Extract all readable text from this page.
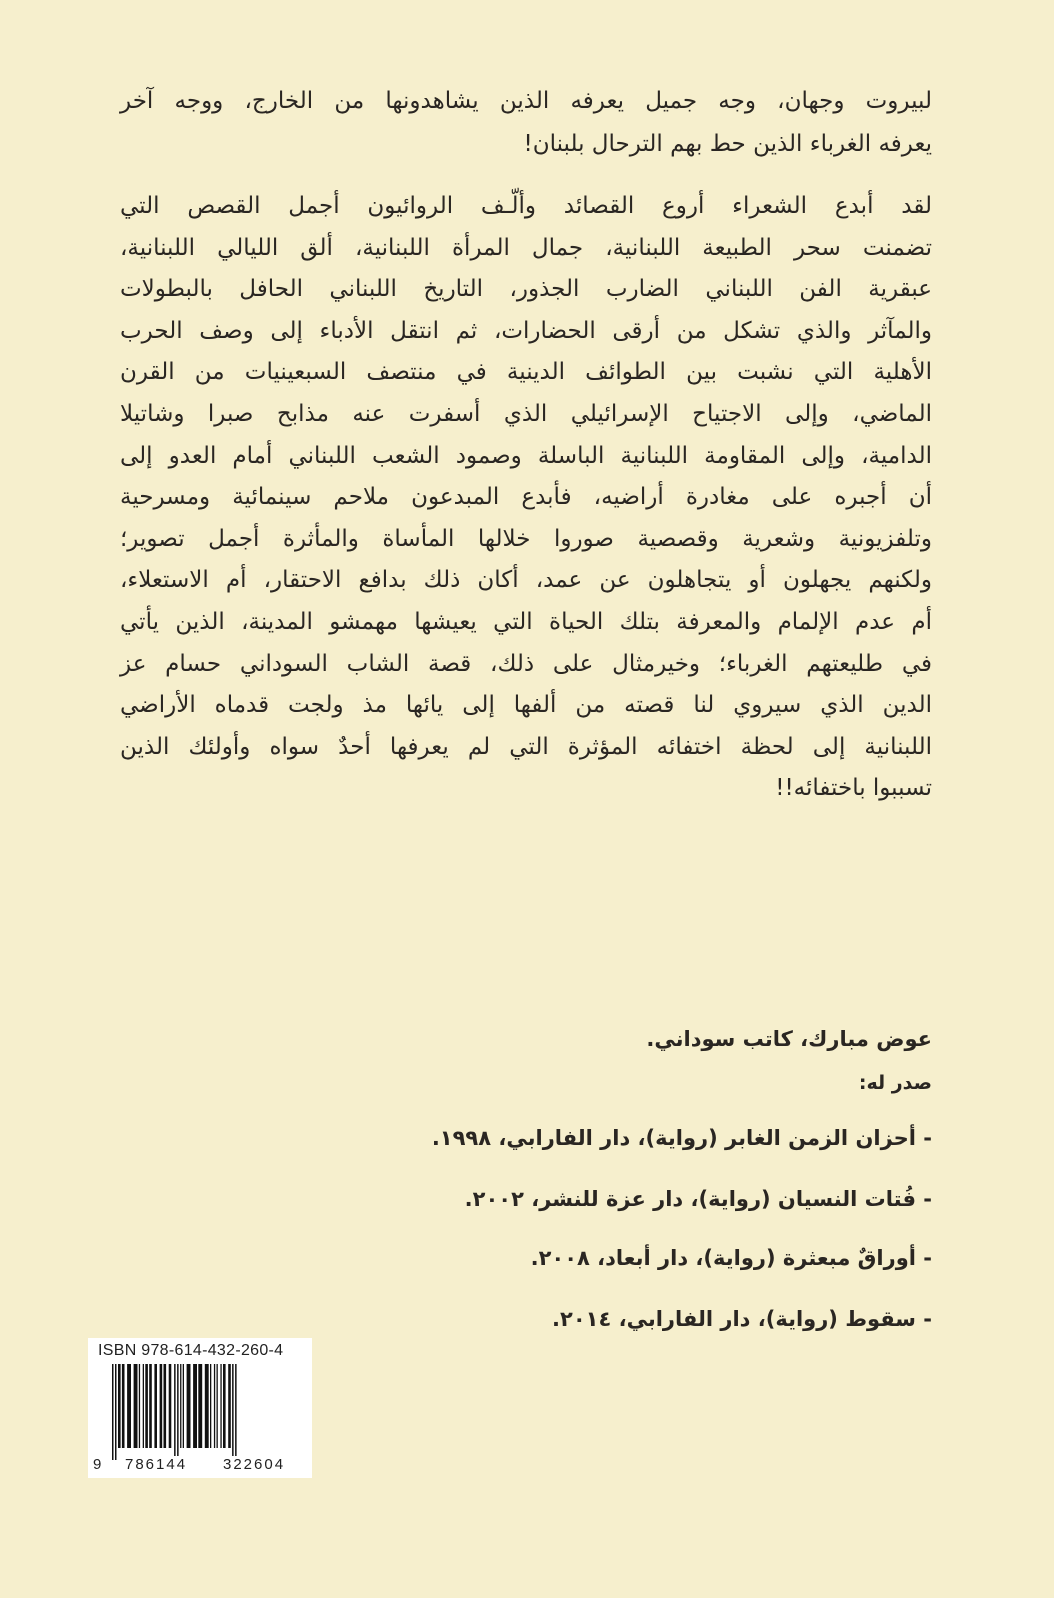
لبيروت وجهان، وجه جميل يعرفه الذين يشاهدونها من الخارج، ووجه آخر
يعرفه الغرباء الذين حط بهم الترحال بلبنان!
لقد أبدع الشعراء أروع القصائد وألّـف الروائيون أجمل القصص التي
تضمنت سحر الطبيعة اللبنانية، جمال المرأة اللبنانية، ألق الليالي اللبنانية،
عبقرية الفن اللبناني الضارب الجذور، التاريخ اللبناني الحافل بالبطولات
والمآثر والذي تشكل من أرقى الحضارات، ثم انتقل الأدباء إلى وصف الحرب
الأهلية التي نشبت بين الطوائف الدينية في منتصف السبعينيات من القرن
الماضي، وإلى الاجتياح الإسرائيلي الذي أسفرت عنه مذابح صبرا وشاتيلا
الدامية، وإلى المقاومة اللبنانية الباسلة وصمود الشعب اللبناني أمام العدو إلى
أن أجبره على مغادرة أراضيه، فأبدع المبدعون ملاحم سينمائية ومسرحية
وتلفزيونية وشعرية وقصصية صوروا خلالها المأساة والمأثرة أجمل تصوير؛
ولكنهم يجهلون أو يتجاهلون عن عمد، أكان ذلك بدافع الاحتقار، أم الاستعلاء،
أم عدم الإلمام والمعرفة بتلك الحياة التي يعيشها مهمشو المدينة، الذين يأتي
في طليعتهم الغرباء؛ وخيرمثال على ذلك، قصة الشاب السوداني حسام عز
الدين الذي سيروي لنا قصته من ألفها إلى يائها مذ ولجت قدماه الأراضي
اللبنانية إلى لحظة اختفائه المؤثرة التي لم يعرفها أحدٌ سواه وأولئك الذين
تسببوا باختفائه!!
عوض مبارك، كاتب سوداني.
صدر له:
- أحزان الزمن الغابر (رواية)، دار الفارابي، ١٩٩٨.
- فُتات النسيان (رواية)، دار عزة للنشر، ٢٠٠٢.
- أوراقٌ مبعثرة (رواية)، دار أبعاد، ٢٠٠٨.
- سقوط (رواية)، دار الفارابي، ٢٠١٤.
ISBN 978-614-432-260-4
9 786144 322604
